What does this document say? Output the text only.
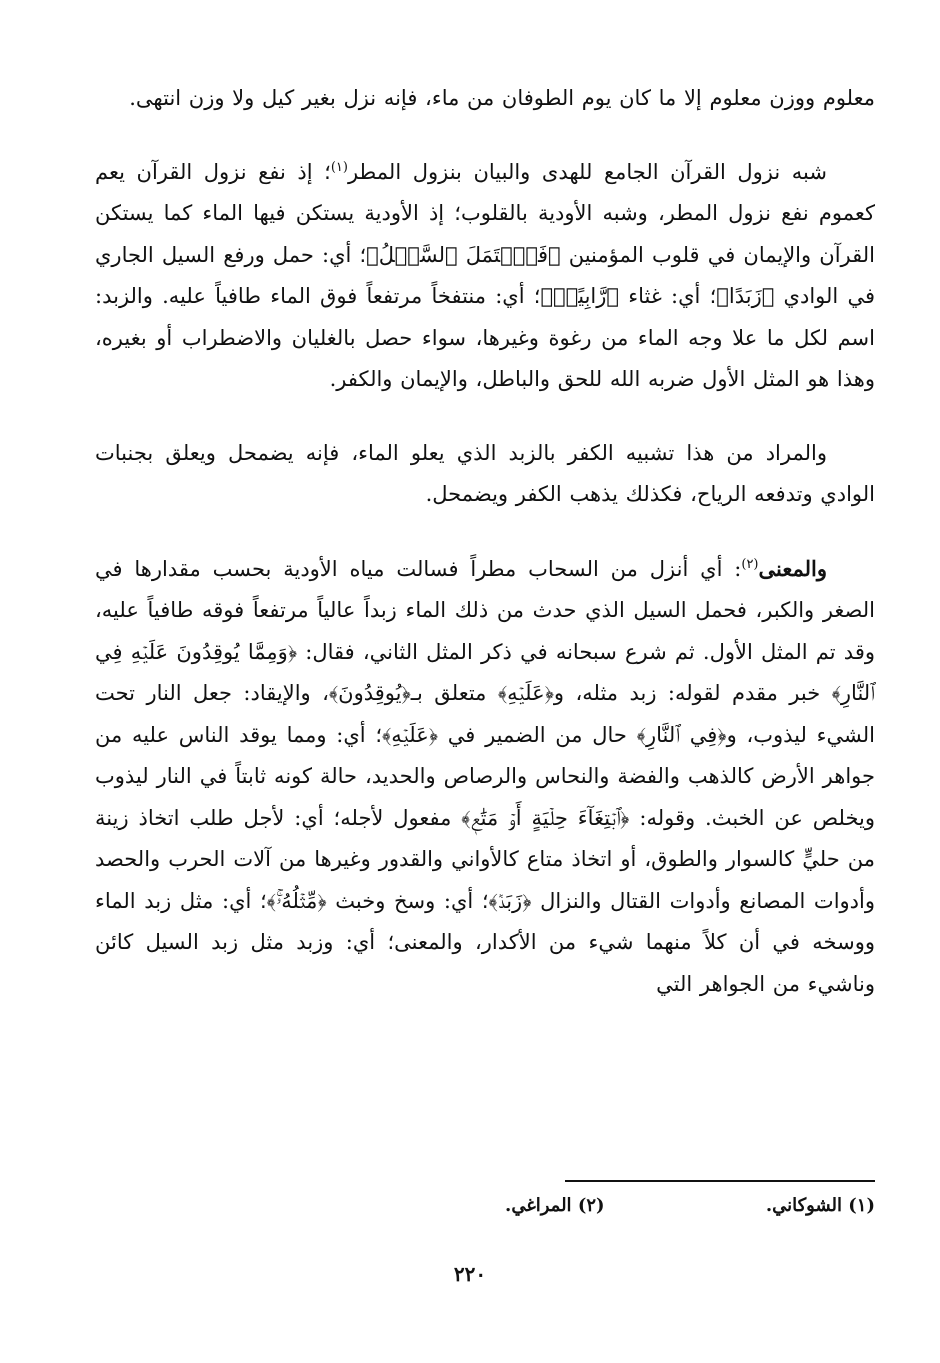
معلوم ووزن معلوم إلا ما كان يوم الطوفان من ماء، فإنه نزل بغير كيل ولا وزن انتهى.

شبه نزول القرآن الجامع للهدى والبيان بنزول المطر$^{(١)}$؛ إذ نفع نزول القرآن يعم كعموم نفع نزول المطر، وشبه الأودية بالقلوب؛ إذ الأودية يستكن فيها الماء كما يستكن القرآن والإيمان في قلوب المؤمنين ﴿فَٱحۡتَمَلَ ٱلسَّيۡلُ﴾؛ أي: حمل ورفع السيل الجاري في الوادي ﴿زَبَدًا﴾؛ أي: غثاء ﴿رَّابِيًاۖ﴾؛ أي: منتفخاً مرتفعاً فوق الماء طافياً عليه. والزبد: اسم لكل ما علا وجه الماء من رغوة وغيرها، سواء حصل بالغليان والاضطراب أو بغيره، وهذا هو المثل الأول ضربه الله للحق والباطل، والإيمان والكفر.

والمراد من هذا تشبيه الكفر بالزبد الذي يعلو الماء، فإنه يضمحل ويعلق بجنبات الوادي وتدفعه الرياح، فكذلك يذهب الكفر ويضمحل.

والمعنى$^{(٢)}$: أي أنزل من السحاب مطراً فسالت مياه الأودية بحسب مقدارها في الصغر والكبر، فحمل السيل الذي حدث من ذلك الماء زبداً عالياً مرتفعاً فوقه طافياً عليه، وقد تم المثل الأول. ثم شرع سبحانه في ذكر المثل الثاني، فقال: ﴿وَمِمَّا يُوقِدُونَ عَلَيۡهِ فِي ٱلنَّارِ﴾ خبر مقدم لقوله: زبد مثله، و﴿عَلَيۡهِ﴾ متعلق بـ﴿يُوقِدُونَ﴾، والإيقاد: جعل النار تحت الشيء ليذوب، و﴿فِي ٱلنَّارِ﴾ حال من الضمير في ﴿عَلَيۡهِ﴾؛ أي: ومما يوقد الناس عليه من جواهر الأرض كالذهب والفضة والنحاس والرصاص والحديد، حالة كونه ثابتاً في النار ليذوب ويخلص عن الخبث. وقوله: ﴿ٱبۡتِغَآءَ حِلۡيَةٍ أَوۡ مَتَٰعٖ﴾ مفعول لأجله؛ أي: لأجل طلب اتخاذ زينة من حليٍّ كالسوار والطوق، أو اتخاذ متاع كالأواني والقدور وغيرها من آلات الحرب والحصد وأدوات المصانع وأدوات القتال والنزال ﴿زَبَدٞ﴾؛ أي: وسخ وخبث ﴿مِّثۡلُهُۥۚ﴾؛ أي: مثل زبد الماء ووسخه في أن كلاً منهما شيء من الأكدار، والمعنى؛ أي: وزبد مثل زبد السيل كائن وناشيء من الجواهر التي

(١) الشوكاني. (٢) المراغي.
٢٢٠
